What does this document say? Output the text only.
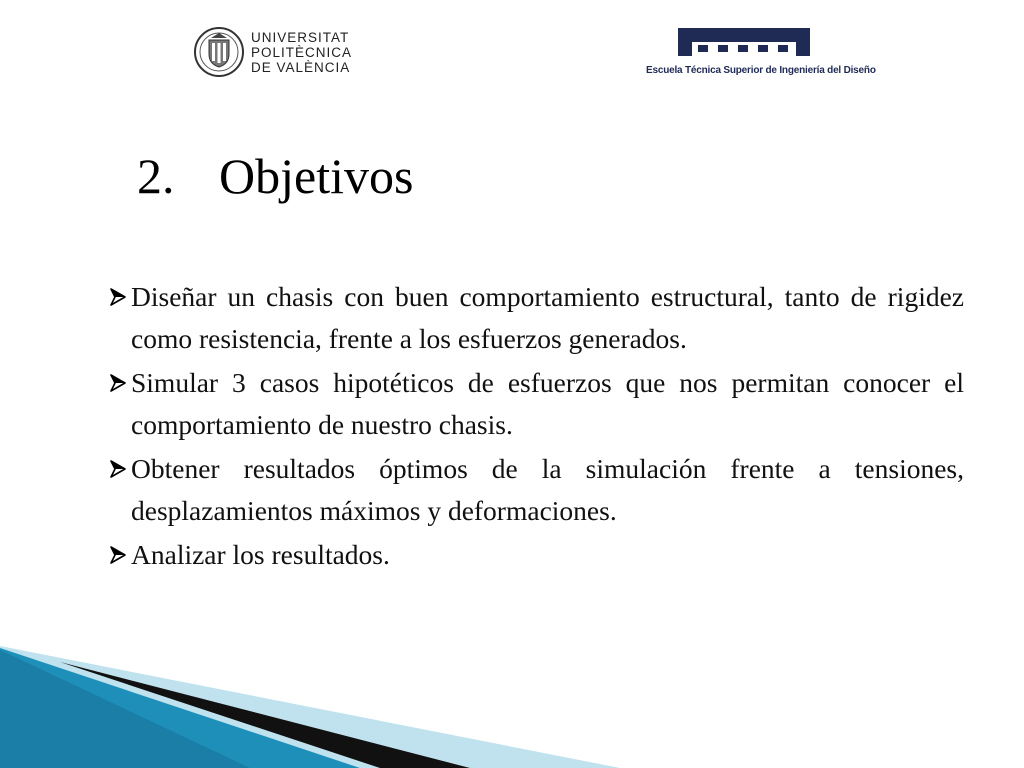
UNIVERSITAT
POLITÈCNICA
DE VALÈNCIA	Escuela Técnica Superior de Ingeniería del Diseño
2. Objetivos
Diseñar un chasis con buen comportamiento estructural, tanto de rigidez como resistencia, frente a los esfuerzos generados.
Simular 3 casos hipotéticos de esfuerzos que nos permitan conocer el comportamiento de nuestro chasis.
Obtener resultados óptimos de la simulación frente a tensiones, desplazamientos máximos y deformaciones.
Analizar los resultados.
